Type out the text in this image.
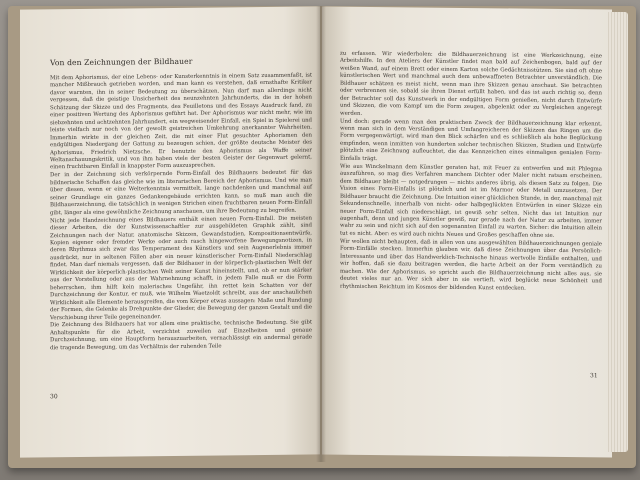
Von den Zeichnungen der Bildhauer

Mit dem Aphorismus, der eine Lebens- oder Kunsterkenntnis in einem Satz zusammenfaßt, ist mancher Mißbrauch getrieben worden, und man kann es verstehen, daß ernsthafte Kritiker davor warnten, ihn in seiner Bedeutung zu überschätzen. Nun darf man allerdings nicht vergessen, daß die geistige Unsicherheit des neunzehnten Jahrhunderts, die in der hohen Schätzung der Skizze und des Fragments, des Feuilletons und des Essays Ausdruck fand, zu einer positiven Wertung des Aphorismus geführt hat. Der Aphorismus war nicht mehr, wie im siebzehnten und achtzehnten Jahrhundert, ein wegweisender Einfall, ein Spiel in Spielerei und leiste vielfach nur noch von der gewollt geistreichen Umkehrung anerkannter Wahrheiten. Immerhin wirkte in der gleichen Zeit, die mit einer Flut gesuchter Aphorismen den endgültigen Niedergang der Gattung zu bezeugen schien, der größte deutsche Meister des Aphorismus, Friedrich Nietzsche. Er benutzte den Aphorismus als Waffe seiner Weltanschauungskritik, und von ihm haben viele der besten Geister der Gegenwart gelernt, einen fruchtbaren Einfall in knappster Form auszusprechen.

Der in der Zeichnung sich verkörpernde Form-Einfall des Bildhauers bedeutet für das bildnerische Schaffen das gleiche wie im literarischen Bereich der Aphorismus. Und wie man über diesen, wenn er eine Welterkenntnis vermittelt, lange nachdenken und manchmal auf seiner Grundlage ein ganzes Gedankengebäude errichten kann, so muß man auch die Bildhauerzeichnung, die tatsächlich in wenigen Strichen einen fruchtbaren neuen Form-Einfall gibt, länger als eine gewöhnliche Zeichnung anschauen, um ihre Bedeutung zu begreifen.

Nicht jede Handzeichnung eines Bildhauers enthält einen neuen Form-Einfall. Die meisten dieser Arbeiten, die der Kunstwissenschaftler zur ausgebildeten Graphik zählt, sind Zeichnungen nach der Natur, anatomische Skizzen, Gewandstudien, Kompositionsentwürfe, Kopien eigener oder fremder Werke oder auch rasch hingeworfene Bewegungsnotizen, in deren Rhythmus sich zwar das Temperament des Künstlers und sein Augenerlebnis immer ausdrückt, nur in seltenen Fällen aber ein neuer künstlerischer Form-Einfall Niederschlag findet. Man darf niemals vergessen, daß der Bildhauer in der körperlich-plastischen Welt der Wirklichkeit der körperlich-plastischen Welt seiner Kunst hineinstellt, und, ob er nun stärker aus der Vorstellung oder aus der Wahrnehmung schafft, in jedem Falle muß er die Form beherrschen, ihm hilft kein malerisches Ungefähr, ihn rettet kein Schatten vor der Durchzeichnung der Kontur, er muß, wie Wilhelm Waetzoldt schreibt, aus der anschaulichen Wirklichkeit alle Elemente herausgreifen, die vom Körper etwas aussagen: Maße und Rundung der Formen, die Gelenke als Drehpunkte der Glieder, die Bewegung der ganzen Gestalt und die Verschiebung ihrer Teile gegeneinander.

Die Zeichnung des Bildhauers hat vor allem eine praktische, technische Bedeutung. Sie gibt Anhaltspunkte für die Arbeit, verzichtet zuweilen auf Einzelheiten und genaue Durchzeichnung, um eine Hauptform herauszuarbeiten, vernachlässigt ein andermal gerade die tragende Bewegung, um das Verhältnis der ruhenden Teile

30

zu erfassen. Wir wiederholen: die Bildhauerzeichnung ist eine Werkzeichnung, eine Arbeitshilfe. In den Ateliers der Künstler findet man bald auf Zeichenbogen, bald auf der weißen Wand, auf einem Brett oder einem Karton solche Gedächtnisstützen. Sie sind oft ohne künstlerischen Wert und manchmal auch dem unbewaffneten Betrachter unverständlich. Die Bildhauer schätzen es meist nicht, wenn man ihre Skizzen genau anschaut. Sie betrachten oder verbrennen sie, sobald sie ihren Dienst erfüllt haben, und das ist auch richtig so, denn der Betrachter soll das Kunstwerk in der endgültigen Form genießen, nicht durch Entwürfe und Skizzen, die vom Kampf um die Form zeugen, abgelenkt oder zu Vergleichen angeregt werden.

Und doch: gerade wenn man den praktischen Zweck der Bildhauerzeichnung klar erkennt, wenn man sich in dem Verständigen und Umfangreicheren der Skizzen das Ringen um die Form vergegenwärtigt, wird man den Blick schärfen und es schließlich als hohe Beglückung empfinden, wenn inmitten von hunderten solcher technischen Skizzen, Studien und Entwürfe plötzlich eine Zeichnung aufleuchtet, die das Kennzeichen eines einmaligen genialen Form-Einfalls trägt.

Wie aus Winckelmann dem Künstler geraten hat, mit Feuer zu entwerfen und mit Phlegma auszuführen, so mag dies Verfahren manchem Dichter oder Maler nicht ratsam erscheinen, dem Bildhauer bleibt — notgedrungen — nichts anderes übrig, als diesen Satz zu folgen. Die Vision eines Form-Einfalls ist plötzlich und ist im Marmor oder Metall umzusetzen. Der Bildhauer braucht die Zeichnung. Die Intuition einer glücklichen Stunde, in der, manchmal mit Sekundenschnelle, innerhalb von nicht- oder halbgeglückten Entwürfen in einer Skizze ein neuer Form-Einfall sich niederschlägt, ist gewiß sehr selten. Nicht das ist Intuition nur augenhaft, denn und jungen Künstler gewiß, nur gerade nach der Natur zu arbeiten, immer wahr zu sein und nicht sich auf den sogenannten Einfall zu warten. Sicher: die Intuition allein tut es nicht. Aber: es wird auch nichts Neues und Großes geschaffen ohne sie.

Wir wollen nicht behaupten, daß in allen von uns ausgewählten Bildhauerzeichnungen geniale Form-Einfälle stecken. Immerhin glauben wir, daß diese Zeichnungen über das Persönlich-Interessante und über das Handwerklich-Technische hinaus wertvolle Einfälle enthalten, und wir hoffen, daß sie dazu beitragen werden, die harte Arbeit an der Form verständlich zu machen. Wie der Aphorismus, so spricht auch die Bildhauerzeichnung nicht alles aus, sie deutet vieles nur an. Wer sich aber in sie vertieft, wird beglückt neue Schönheit und rhythmischen Reichtum im Kosmos der bildenden Kunst entdecken.

31
